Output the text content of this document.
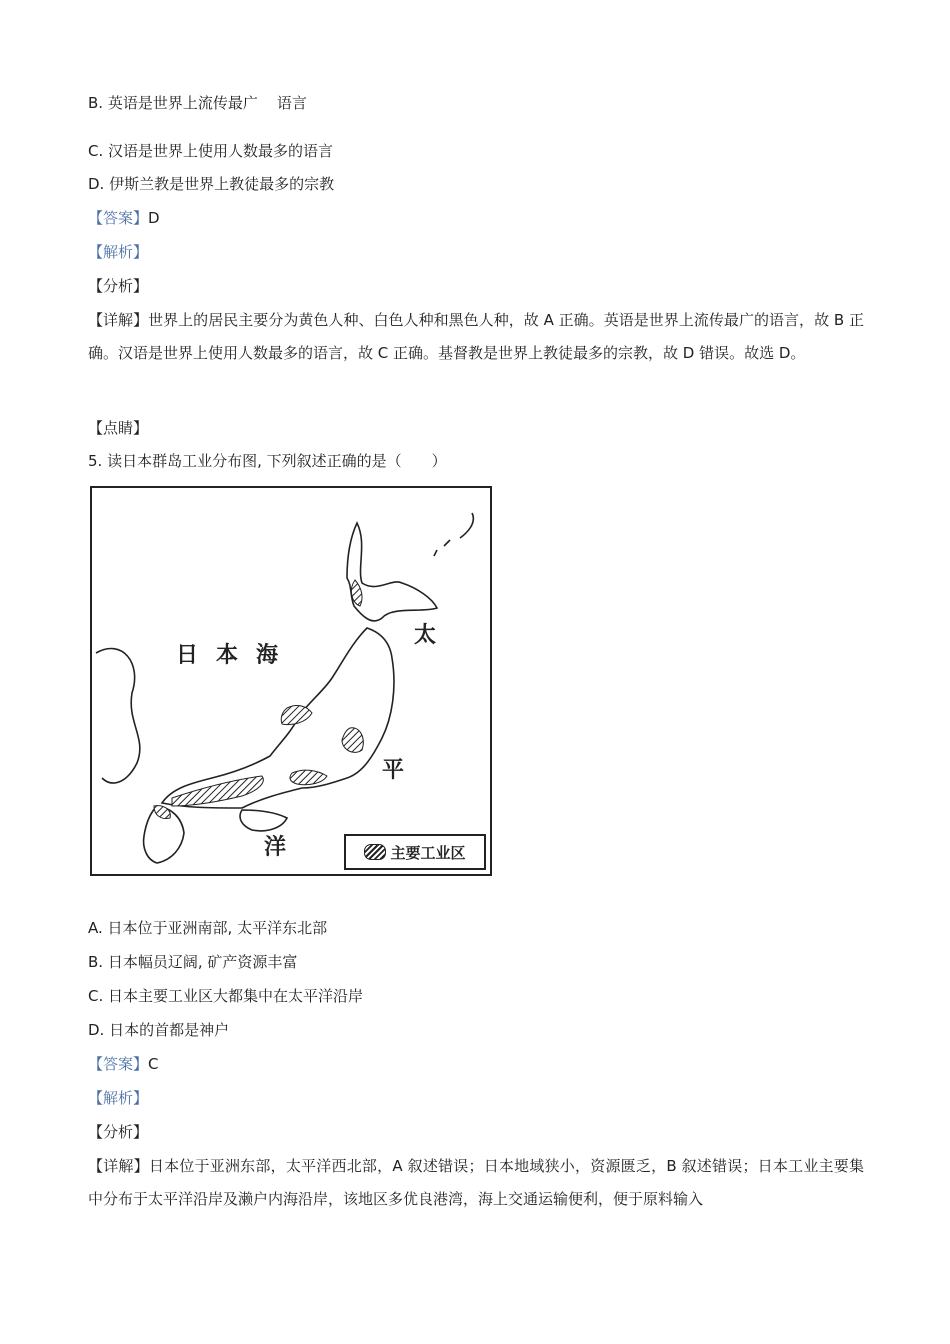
B. 英语是世界上流传最广    语言
C. 汉语是世界上使用人数最多的语言
D. 伊斯兰教是世界上教徒最多的宗教
【答案】D
【解析】
【分析】
【详解】世界上的居民主要分为黄色人种、白色人种和黑色人种，故 A 正确。英语是世界上流传最广的语言，故 B 正确。汉语是世界上使用人数最多的语言，故 C 正确。基督教是世界上教徒最多的宗教，故 D 错误。故选 D。
【点睛】
5. 读日本群岛工业分布图, 下列叙述正确的是（　　）
日 本 海
太
平
洋	主要工业区
A. 日本位于亚洲南部, 太平洋东北部
B. 日本幅员辽阔, 矿产资源丰富
C. 日本主要工业区大都集中在太平洋沿岸
D. 日本的首都是神户
【答案】C
【解析】
【分析】
【详解】日本位于亚洲东部，太平洋西北部，A 叙述错误；日本地域狭小，资源匮乏，B 叙述错误；日本工业主要集中分布于太平洋沿岸及濑户内海沿岸，该地区多优良港湾，海上交通运输便利，便于原料输入
